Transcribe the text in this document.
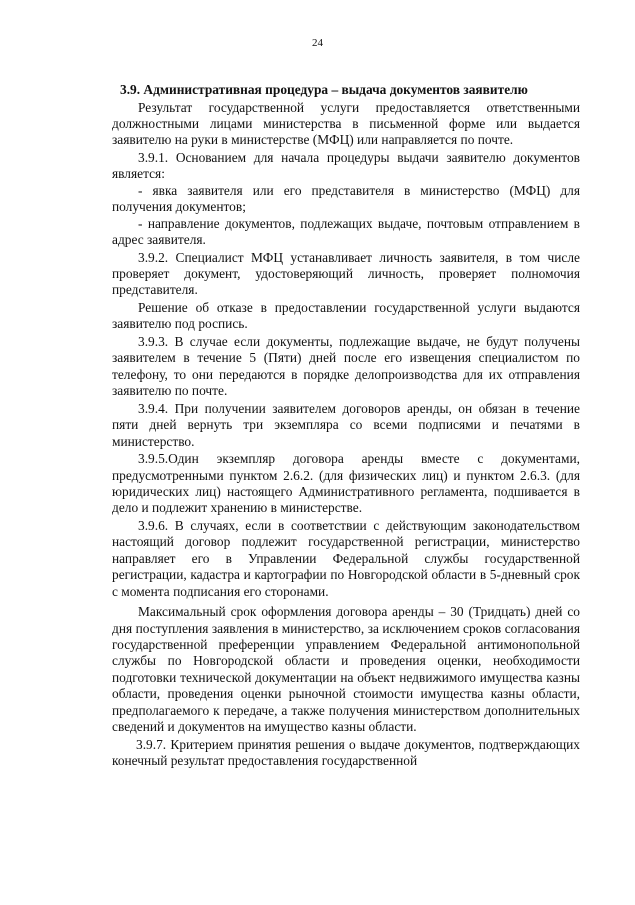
24

3.9. Административная процедура – выдача документов заявителю

Результат государственной услуги предоставляется ответственными должностными лицами министерства в письменной форме или выдается заявителю на руки в министерстве (МФЦ) или направляется по почте.

3.9.1. Основанием для начала процедуры выдачи заявителю документов является:

- явка заявителя или его представителя в министерство (МФЦ) для получения документов;

- направление документов, подлежащих выдаче, почтовым отправлением в адрес заявителя.

3.9.2. Специалист МФЦ устанавливает личность заявителя, в том числе проверяет документ, удостоверяющий личность, проверяет полномочия представителя.

Решение об отказе в предоставлении государственной услуги выдаются заявителю под роспись.

3.9.3. В случае если документы, подлежащие выдаче, не будут получены заявителем в течение 5 (Пяти) дней после его извещения специалистом по телефону, то они передаются в порядке делопроизводства для их отправления заявителю по почте.

3.9.4. При получении заявителем договоров аренды, он обязан в течение пяти дней вернуть три экземпляра со всеми подписями и печатями в министерство.

3.9.5.Один экземпляр договора аренды вместе с документами, предусмотренными пунктом 2.6.2. (для физических лиц) и пунктом 2.6.3. (для юридических лиц) настоящего Административного регламента, подшивается в дело и подлежит хранению в министерстве.

3.9.6. В случаях, если в соответствии с действующим законодательством настоящий договор подлежит государственной регистрации, министерство направляет его в Управлении Федеральной службы государственной регистрации, кадастра и картографии по Новгородской области в 5-дневный срок с момента подписания его сторонами.

Максимальный срок оформления договора аренды – 30 (Тридцать) дней со дня поступления заявления в министерство, за исключением сроков согласования государственной преференции управлением Федеральной антимонопольной службы по Новгородской области и проведения оценки, необходимости подготовки технической документации на объект недвижимого имущества казны области, проведения оценки рыночной стоимости имущества казны области, предполагаемого к передаче, а также получения министерством дополнительных сведений и документов на имущество казны области.

3.9.7. Критерием принятия решения о выдаче документов, подтверждающих конечный результат предоставления государственной
